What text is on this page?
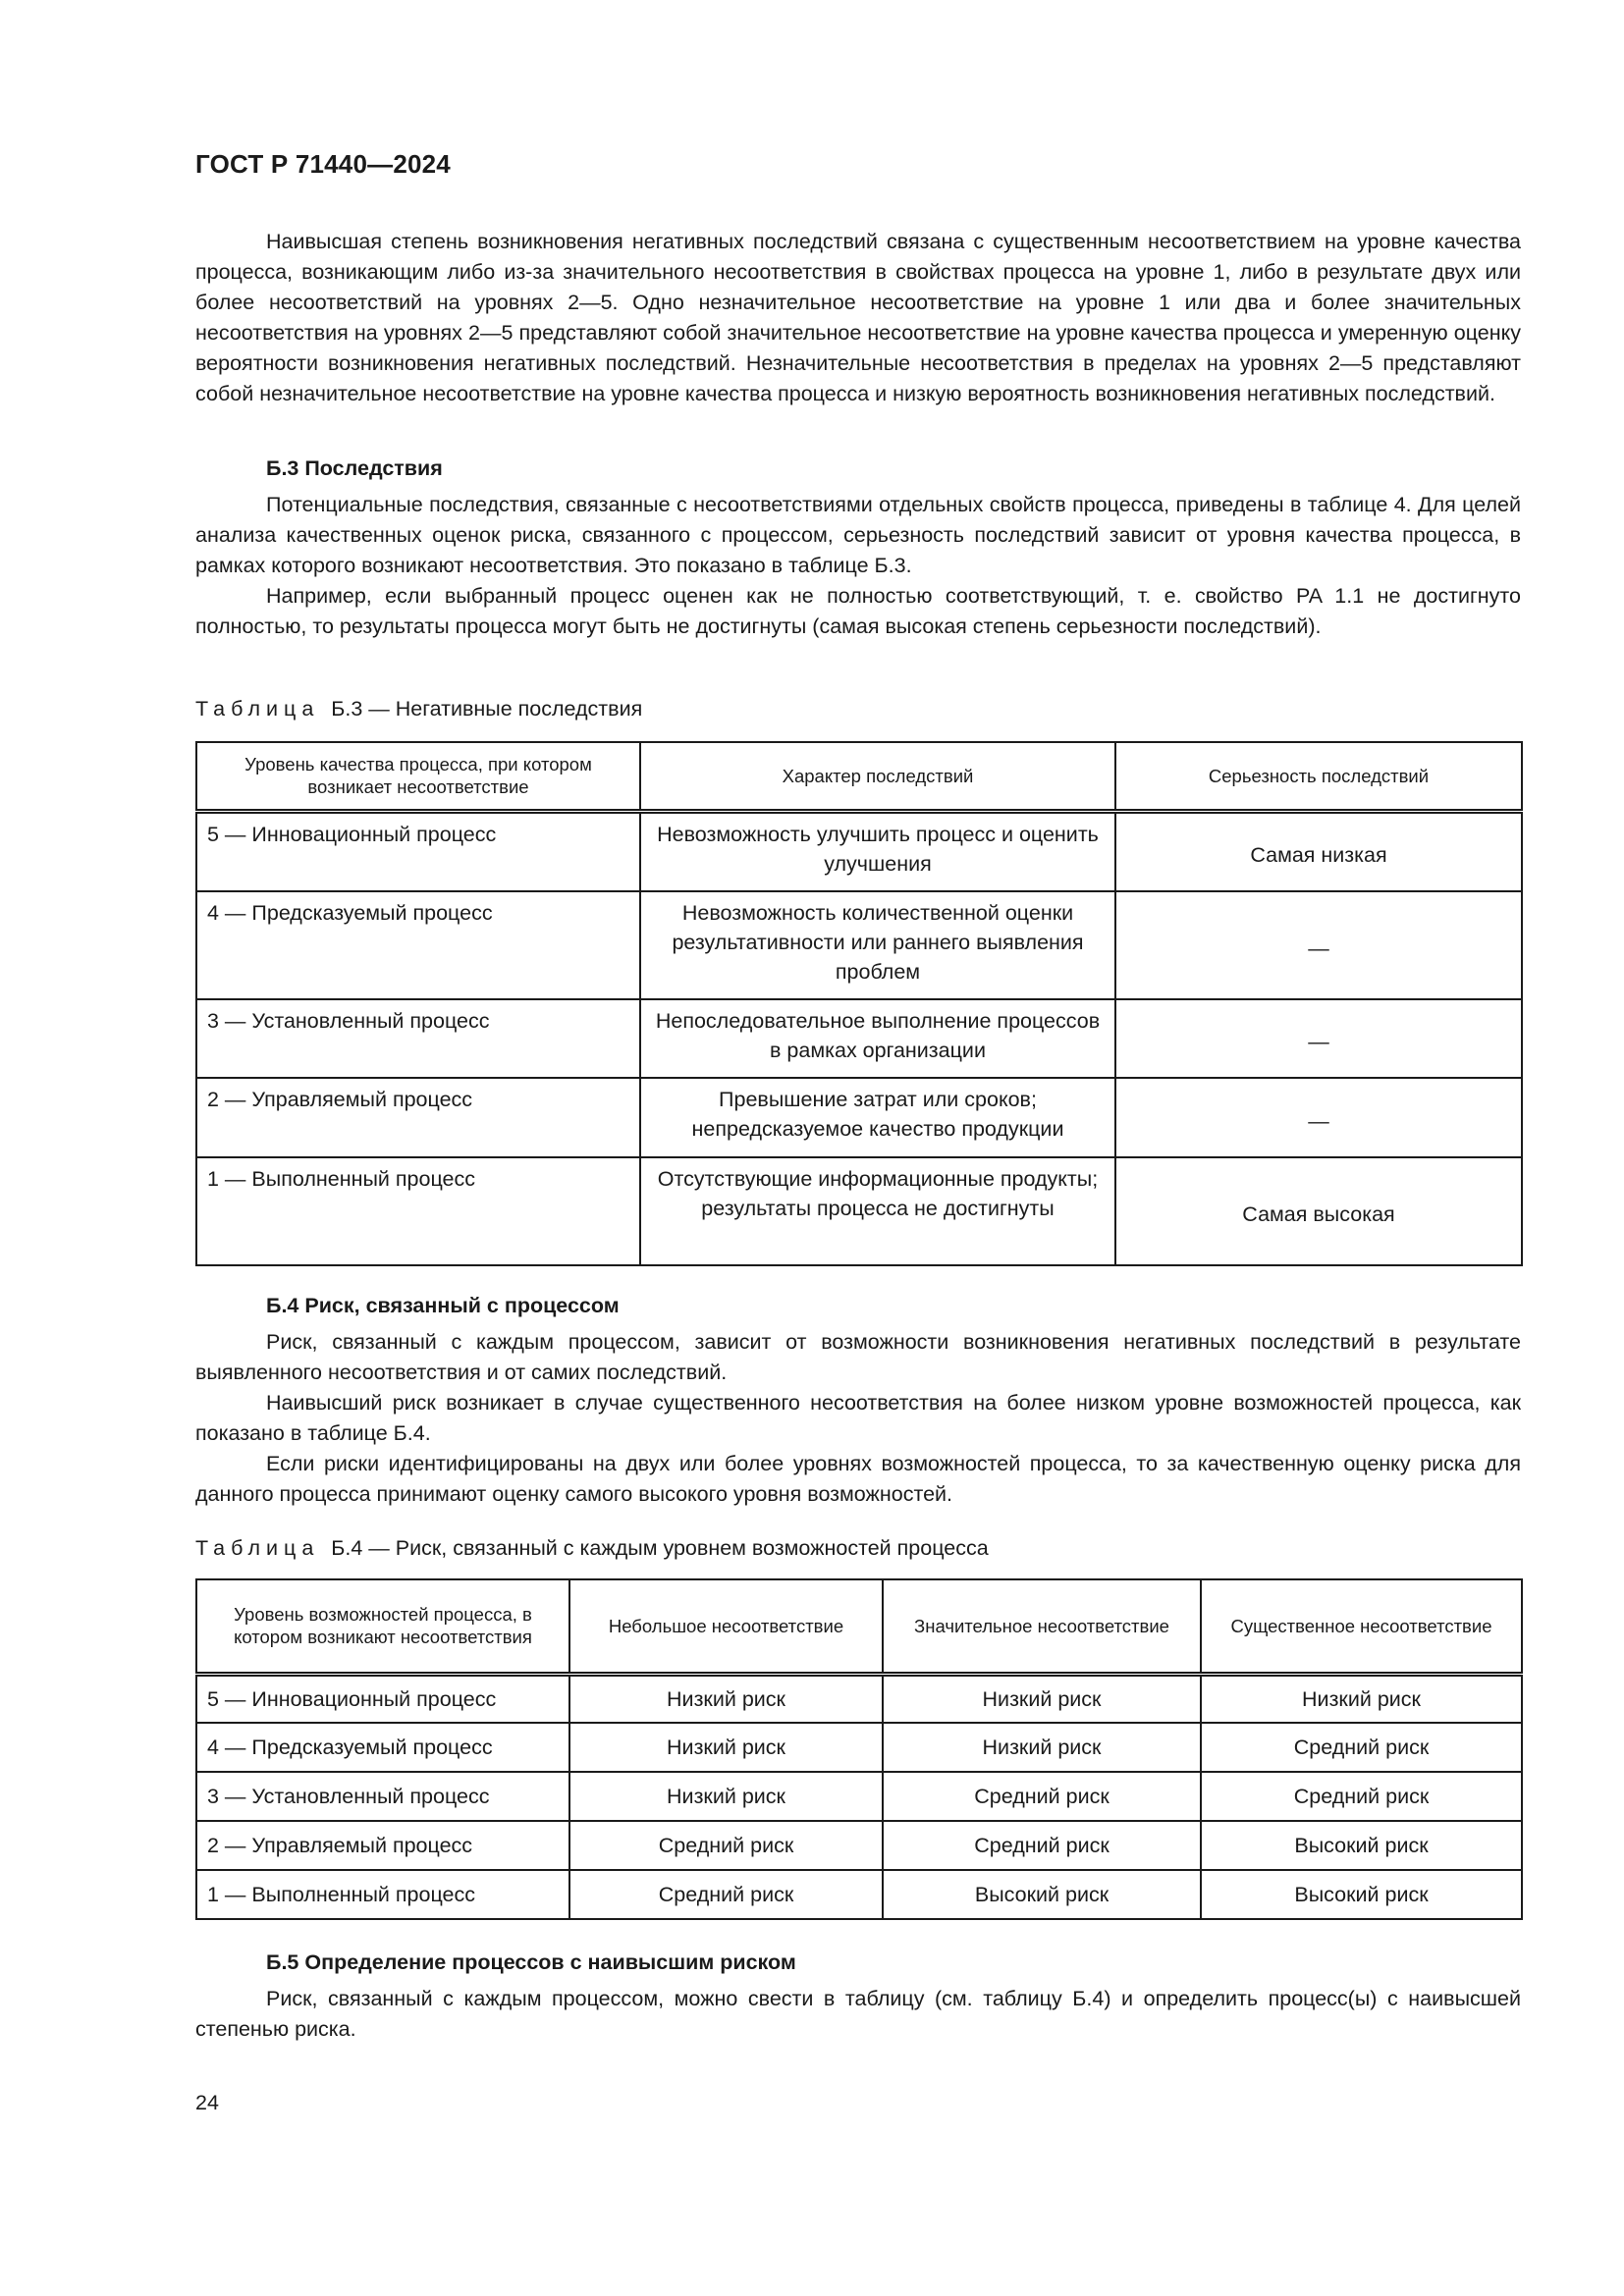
ГОСТ Р 71440—2024

Наивысшая степень возникновения негативных последствий связана с существенным несоответствием на уровне качества процесса, возникающим либо из-за значительного несоответствия в свойствах процесса на уровне 1, либо в результате двух или более несоответствий на уровнях 2—5. Одно незначительное несоответствие на уровне 1 или два и более значительных несоответствия на уровнях 2—5 представляют собой значительное несоответствие на уровне качества процесса и умеренную оценку вероятности возникновения негативных последствий. Незначительные несоответствия в пределах на уровнях 2—5 представляют собой незначительное несоответствие на уровне качества процесса и низкую вероятность возникновения негативных последствий.

Б.3 Последствия

Потенциальные последствия, связанные с несоответствиями отдельных свойств процесса, приведены в таблице 4. Для целей анализа качественных оценок риска, связанного с процессом, серьезность последствий зависит от уровня качества процесса, в рамках которого возникают несоответствия. Это показано в таблице Б.3.

Например, если выбранный процесс оценен как не полностью соответствующий, т. е. свойство PA 1.1 не достигнуто полностью, то результаты процесса могут быть не достигнуты (самая высокая степень серьезности последствий).

Таблица Б.3 — Негативные последствия
Уровень качества процесса, при котором возникает несоответствие	Характер последствий	Серьезность последствий
5 — Инновационный процесс	Невозможность улучшить процесс и оценить улучшения	Самая низкая
4 — Предсказуемый процесс	Невозможность количественной оценки результативности или раннего выявления проблем	—
3 — Установленный процесс	Непоследовательное выполнение процессов в рамках организации	—
2 — Управляемый процесс	Превышение затрат или сроков; непредсказуемое качество продукции	—
1 — Выполненный процесс	Отсутствующие информационные продукты; результаты процесса не достигнуты	Самая высокая
Б.4 Риск, связанный с процессом

Риск, связанный с каждым процессом, зависит от возможности возникновения негативных последствий в результате выявленного несоответствия и от самих последствий.

Наивысший риск возникает в случае существенного несоответствия на более низком уровне возможностей процесса, как показано в таблице Б.4.

Если риски идентифицированы на двух или более уровнях возможностей процесса, то за качественную оценку риска для данного процесса принимают оценку самого высокого уровня возможностей.

Таблица Б.4 — Риск, связанный с каждым уровнем возможностей процесса
Уровень возможностей процесса, в котором возникают несоответствия	Небольшое несоответствие	Значительное несоответствие	Существенное несоответствие
5 — Инновационный процесс	Низкий риск	Низкий риск	Низкий риск
4 — Предсказуемый процесс	Низкий риск	Низкий риск	Средний риск
3 — Установленный процесс	Низкий риск	Средний риск	Средний риск
2 — Управляемый процесс	Средний риск	Средний риск	Высокий риск
1 — Выполненный процесс	Средний риск	Высокий риск	Высокий риск
Б.5 Определение процессов с наивысшим риском

Риск, связанный с каждым процессом, можно свести в таблицу (см. таблицу Б.4) и определить процесс(ы) с наивысшей степенью риска.

24
